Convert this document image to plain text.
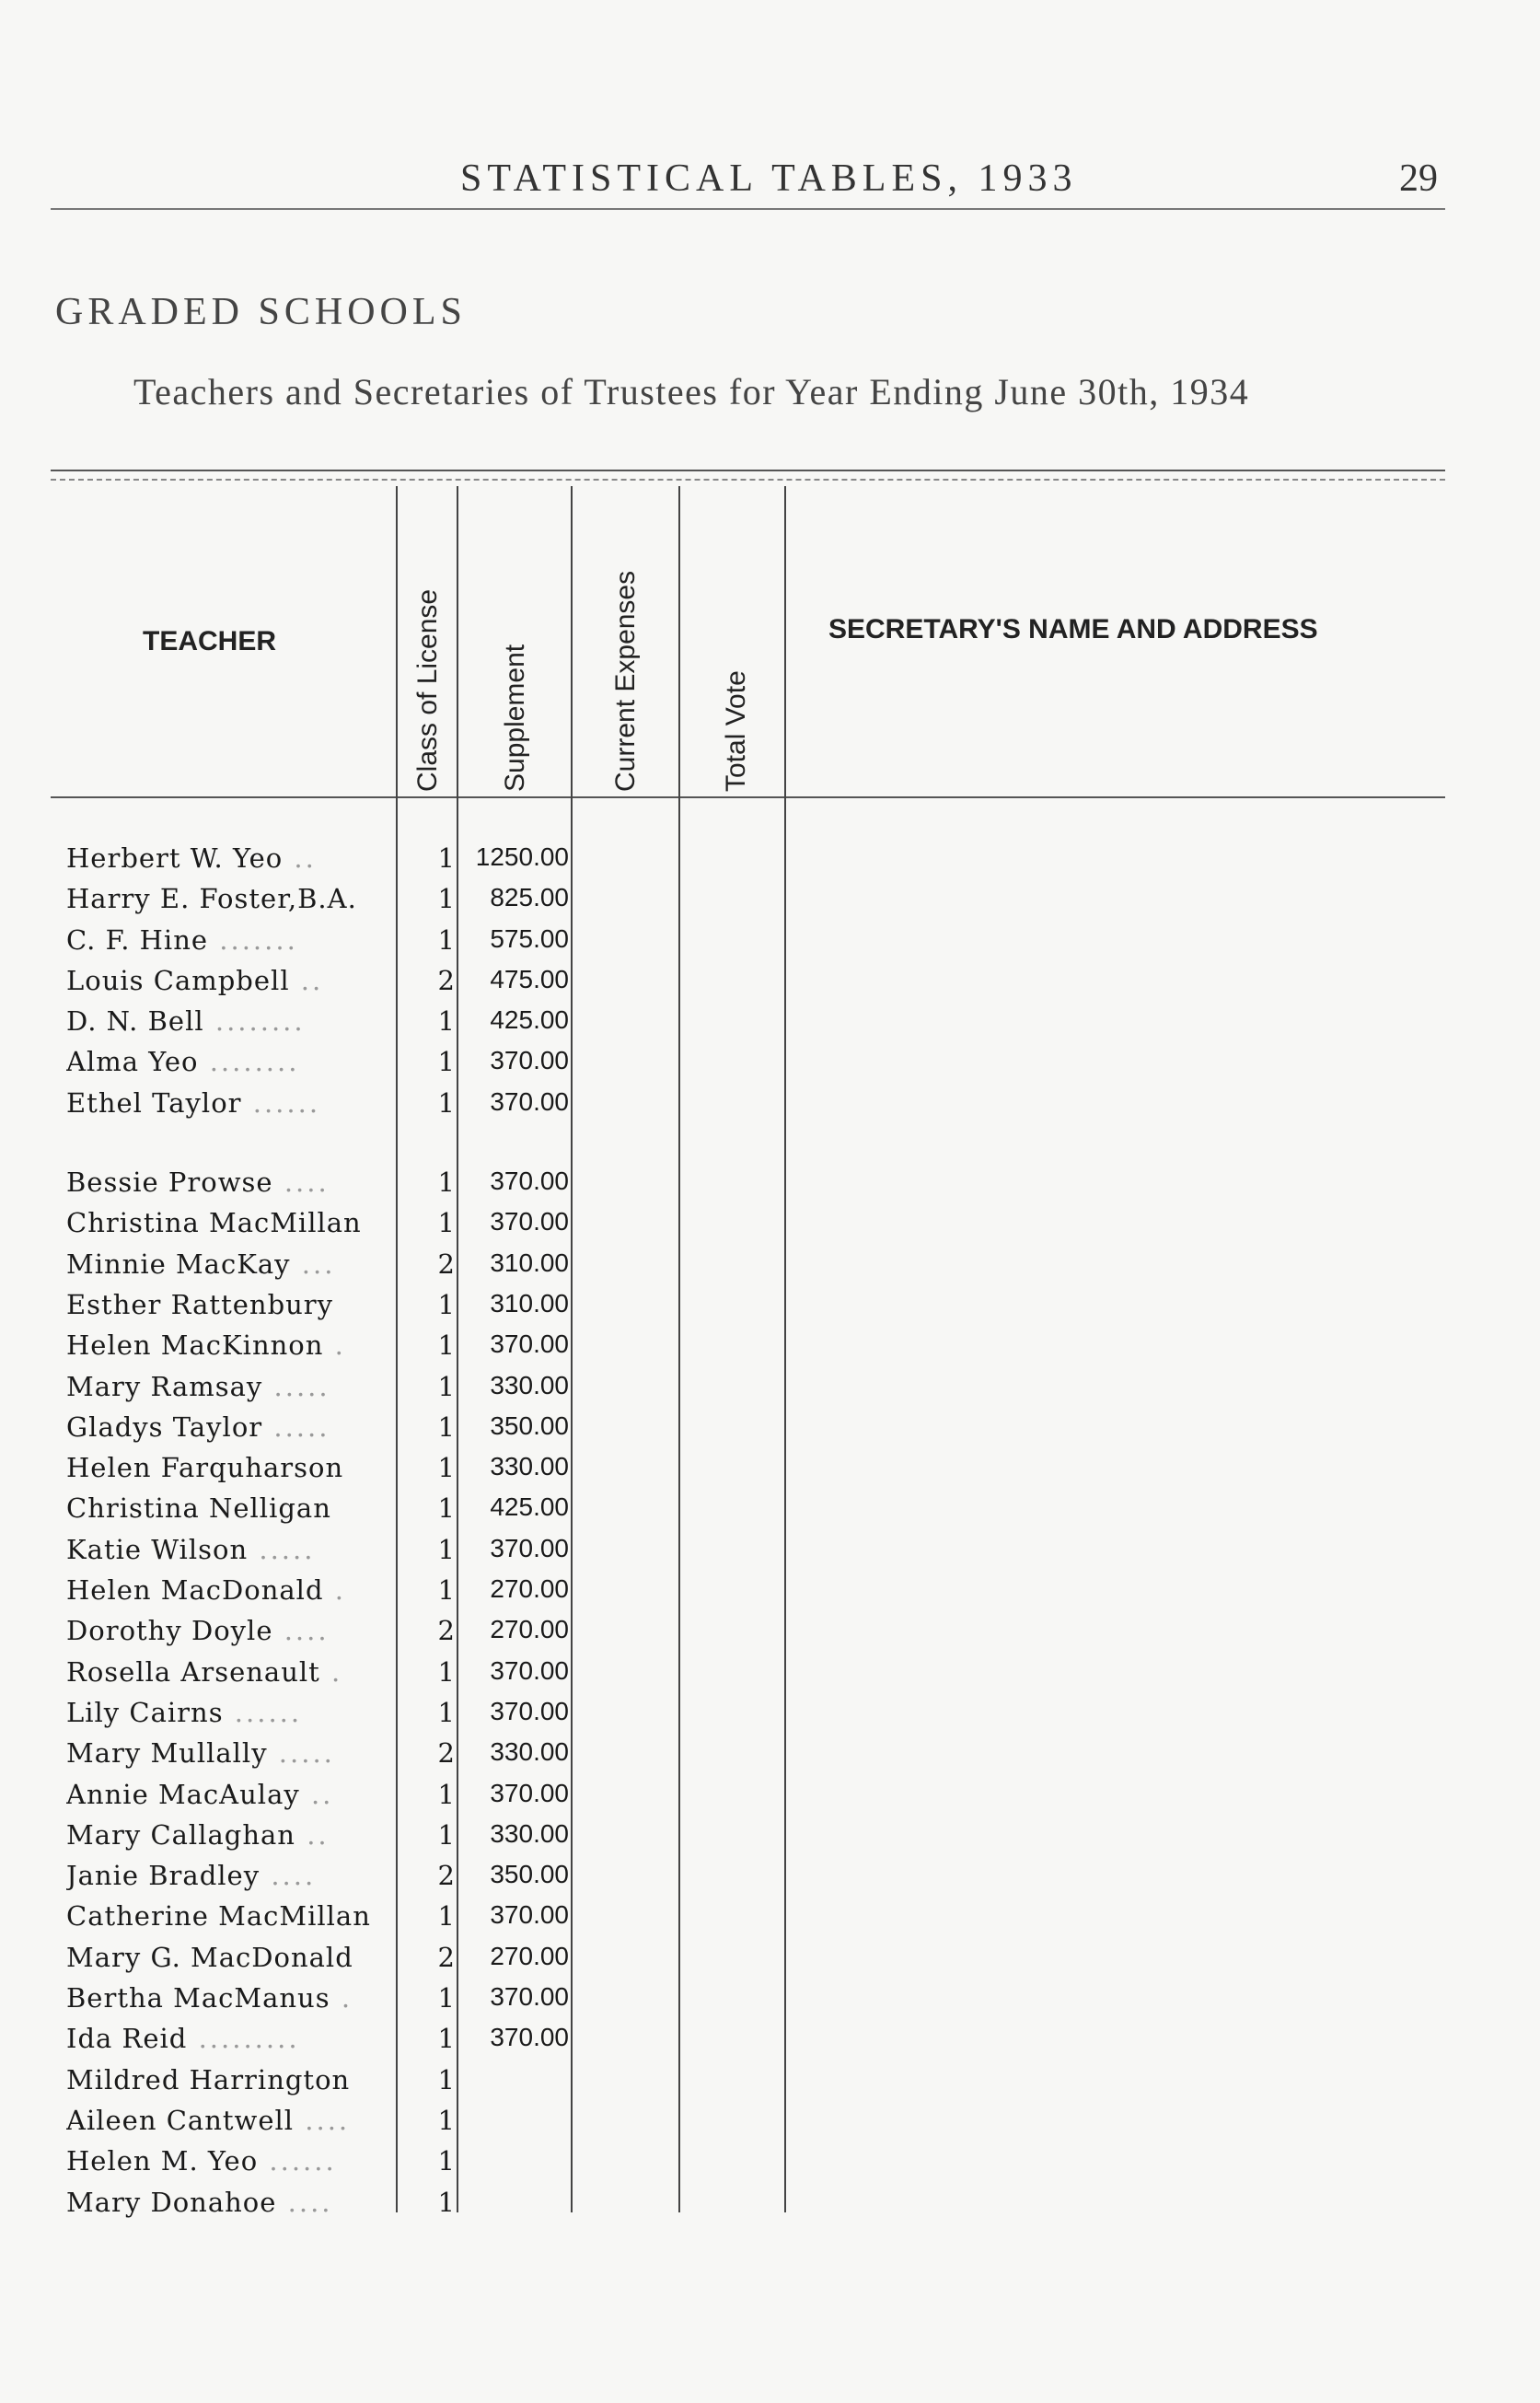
STATISTICAL TABLES, 1933	29
GRADED SCHOOLS
Teachers and Secretaries of Trustees for Year Ending June 30th, 1934
TEACHER	Class of License	Supplement	Current Expenses	Total Vote
SECRETARY'S NAME AND ADDRESS
Herbert W. Yeo ..	1 1250.00
Harry E. Foster,B.A.	1	825.00
C. F. Hine .......	1	575.00
Louis Campbell ..	2	475.00
D. N. Bell ........	1	425.00
Alma Yeo ........	1	370.00
Ethel Taylor ......	1	370.00
Bessie Prowse ....	1	370.00
Christina MacMillan	1	370.00
Minnie MacKay ...	2	310.00
Esther Rattenbury	1	310.00
Helen MacKinnon .	1	370.00
Mary Ramsay .....	1	330.00
Gladys Taylor .....	1	350.00
Helen Farquharson	1	330.00
Christina Nelligan	1	425.00
Katie Wilson .....	1	370.00
Helen MacDonald .	1	270.00
Dorothy Doyle ....	2	270.00
Rosella Arsenault .	1	370.00
Lily Cairns ......	1	370.00
Mary Mullally .....	2	330.00
Annie MacAulay ..	1	370.00
Mary Callaghan ..	1	330.00
Janie Bradley ....	2	350.00
Catherine MacMillan	1	370.00
Mary G. MacDonald	2	270.00
Bertha MacManus .	1	370.00
Ida Reid .........	1	370.00
Mildred Harrington	1
Aileen Cantwell ....	1
Helen M. Yeo ......	1
Mary Donahoe ....	1
